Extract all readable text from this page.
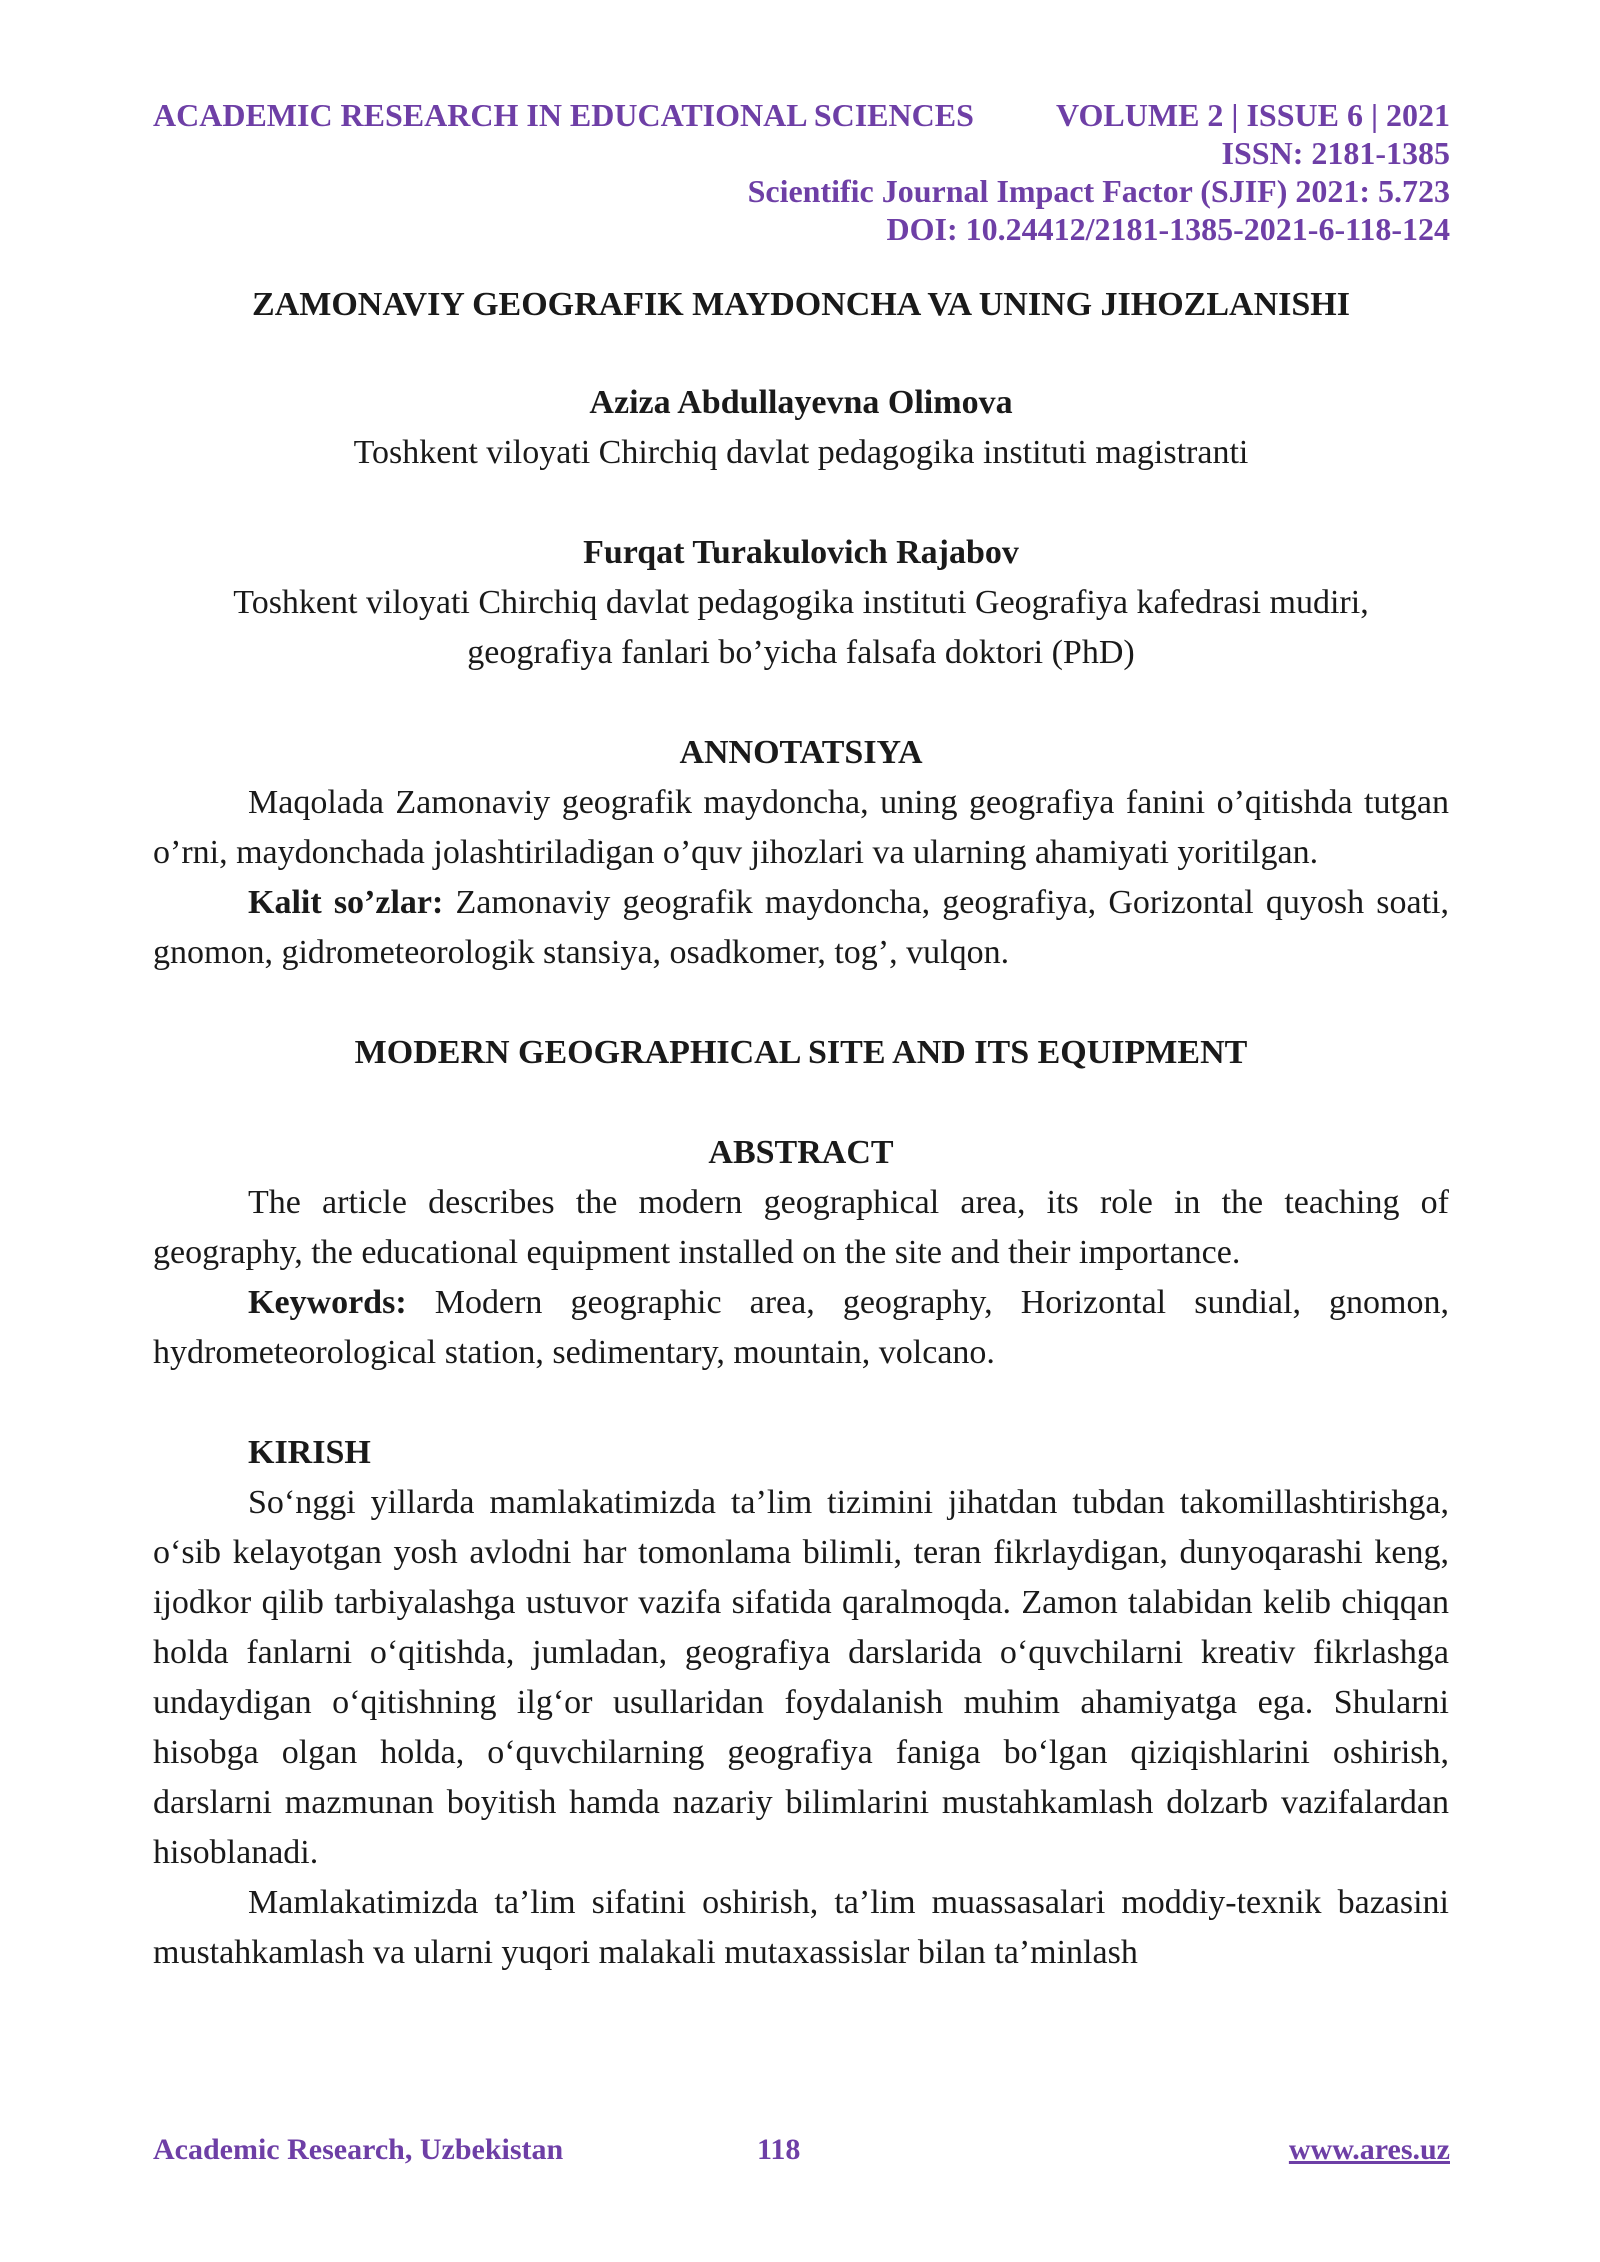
ACADEMIC RESEARCH IN EDUCATIONAL SCIENCES	VOLUME 2 | ISSUE 6 | 2021
ISSN: 2181-1385
Scientific Journal Impact Factor (SJIF) 2021: 5.723
DOI: 10.24412/2181-1385-2021-6-118-124

ZAMONAVIY GEOGRAFIK MAYDONCHA VA UNING JIHOZLANISHI

Aziza Abdullayevna Olimova
Toshkent viloyati Chirchiq davlat pedagogika instituti magistranti
Furqat Turakulovich Rajabov
Toshkent viloyati Chirchiq davlat pedagogika instituti Geografiya kafedrasi mudiri,
geografiya fanlari bo’yicha falsafa doktori (PhD)
ANNOTATSIYA

Maqolada Zamonaviy geografik maydoncha, uning geografiya fanini o’qitishda tutgan o’rni, maydonchada jolashtiriladigan o’quv jihozlari va ularning ahamiyati yoritilgan.

Kalit so’zlar: Zamonaviy geografik maydoncha, geografiya, Gorizontal quyosh soati, gnomon, gidrometeorologik stansiya, osadkomer, tog’, vulqon.

MODERN GEOGRAPHICAL SITE AND ITS EQUIPMENT

ABSTRACT

The article describes the modern geographical area, its role in the teaching of geography, the educational equipment installed on the site and their importance.

Keywords: Modern geographic area, geography, Horizontal sundial, gnomon, hydrometeorological station, sedimentary, mountain, volcano.

KIRISH

So‘nggi yillarda mamlakatimizda ta’lim tizimini jihatdan tubdan takomillashtirishga, o‘sib kelayotgan yosh avlodni har tomonlama bilimli, teran fikrlaydigan, dunyoqarashi keng, ijodkor qilib tarbiyalashga ustuvor vazifa sifatida qaralmoqda. Zamon talabidan kelib chiqqan holda fanlarni o‘qitishda, jumladan, geografiya darslarida o‘quvchilarni kreativ fikrlashga undaydigan o‘qitishning ilg‘or usullaridan foydalanish muhim ahamiyatga ega. Shularni hisobga olgan holda, o‘quvchilarning geografiya faniga bo‘lgan qiziqishlarini oshirish, darslarni mazmunan boyitish hamda nazariy bilimlarini mustahkamlash dolzarb vazifalardan hisoblanadi.

Mamlakatimizda ta’lim sifatini oshirish, ta’lim muassasalari moddiy-texnik bazasini mustahkamlash va ularni yuqori malakali mutaxassislar bilan ta’minlash

Academic Research, Uzbekistan	118	www.ares.uz
